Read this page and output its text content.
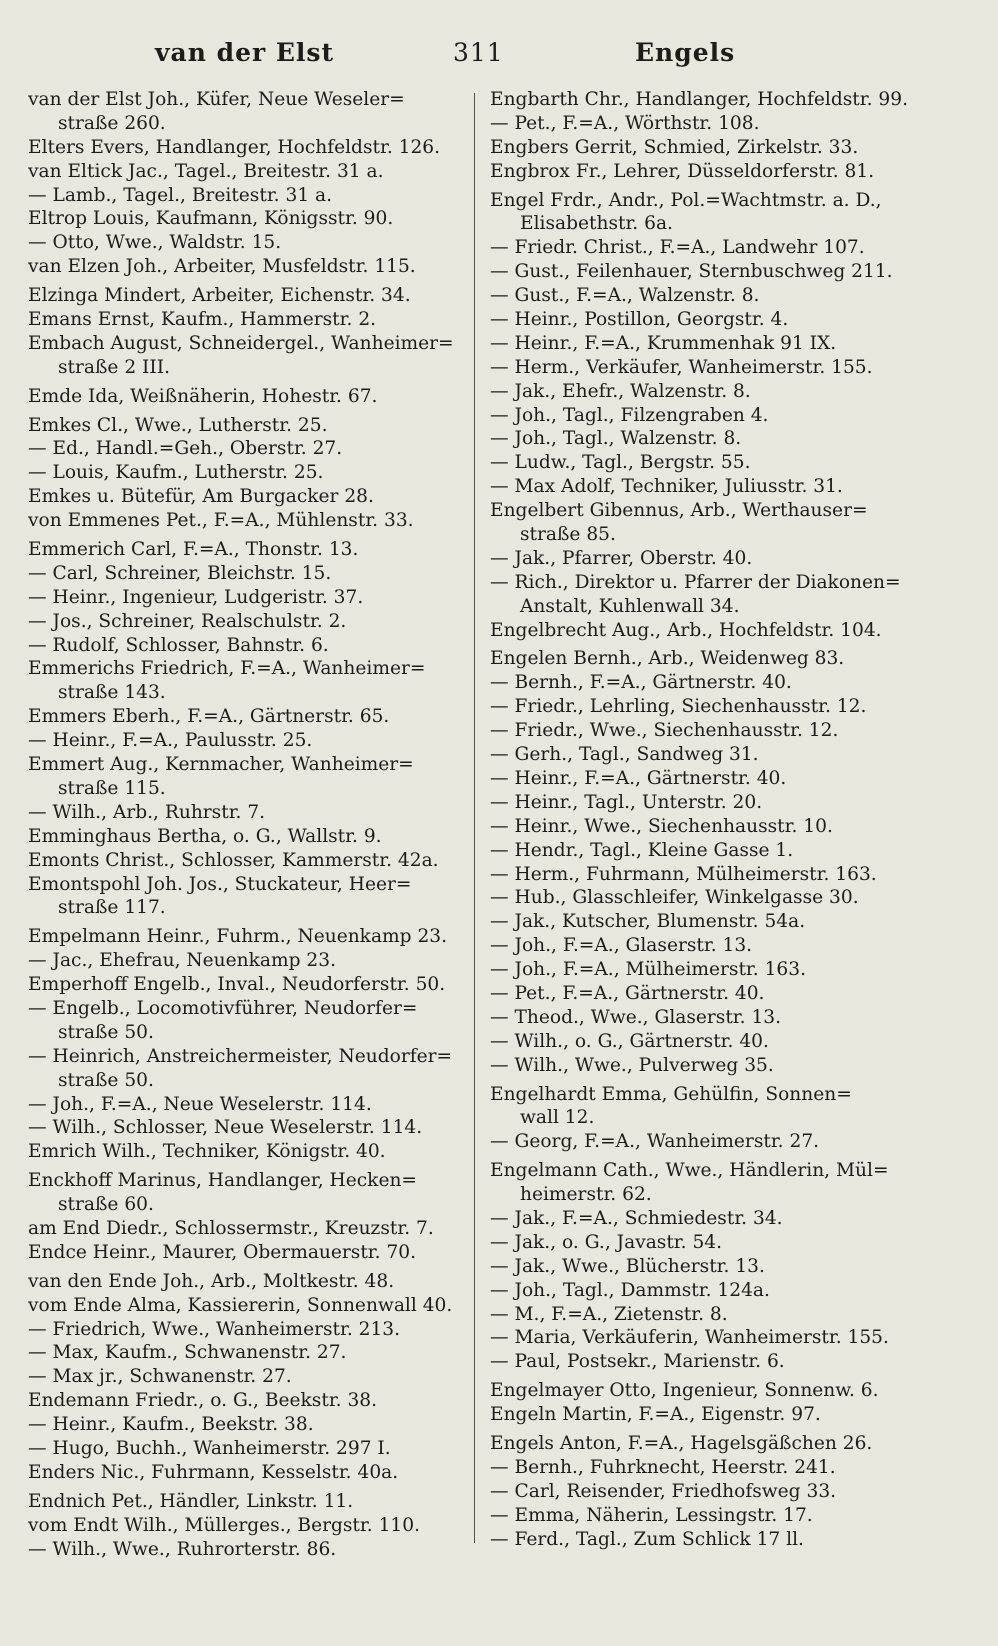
van der Elst	311	Engels
van der Elst Joh., Küfer, Neue Weseler=
straße 260.
Elters Evers, Handlanger, Hochfeldstr. 126.
van Eltick Jac., Tagel., Breitestr. 31 a.
— Lamb., Tagel., Breitestr. 31 a.
Eltrop Louis, Kaufmann, Königsstr. 90.
— Otto, Wwe., Waldstr. 15.
van Elzen Joh., Arbeiter, Musfeldstr. 115.
Elzinga Mindert, Arbeiter, Eichenstr. 34.
Emans Ernst, Kaufm., Hammerstr. 2.
Embach August, Schneidergel., Wanheimer=
straße 2 III.
Emde Ida, Weißnäherin, Hohestr. 67.
Emkes Cl., Wwe., Lutherstr. 25.
— Ed., Handl.=Geh., Oberstr. 27.
— Louis, Kaufm., Lutherstr. 25.
Emkes u. Bütefür, Am Burgacker 28.
von Emmenes Pet., F.=A., Mühlenstr. 33.
Emmerich Carl, F.=A., Thonstr. 13.
— Carl, Schreiner, Bleichstr. 15.
— Heinr., Ingenieur, Ludgeristr. 37.
— Jos., Schreiner, Realschulstr. 2.
— Rudolf, Schlosser, Bahnstr. 6.
Emmerichs Friedrich, F.=A., Wanheimer=
straße 143.
Emmers Eberh., F.=A., Gärtnerstr. 65.
— Heinr., F.=A., Paulusstr. 25.
Emmert Aug., Kernmacher, Wanheimer=
straße 115.
— Wilh., Arb., Ruhrstr. 7.
Emminghaus Bertha, o. G., Wallstr. 9.
Emonts Christ., Schlosser, Kammerstr. 42a.
Emontspohl Joh. Jos., Stuckateur, Heer=
straße 117.
Empelmann Heinr., Fuhrm., Neuenkamp 23.
— Jac., Ehefrau, Neuenkamp 23.
Emperhoff Engelb., Inval., Neudorferstr. 50.
— Engelb., Locomotivführer, Neudorfer=
straße 50.
— Heinrich, Anstreichermeister, Neudorfer=
straße 50.
— Joh., F.=A., Neue Weselerstr. 114.
— Wilh., Schlosser, Neue Weselerstr. 114.
Emrich Wilh., Techniker, Königstr. 40.
Enckhoff Marinus, Handlanger, Hecken=
straße 60.
am End Diedr., Schlossermstr., Kreuzstr. 7.
Endce Heinr., Maurer, Obermauerstr. 70.
van den Ende Joh., Arb., Moltkestr. 48.
vom Ende Alma, Kassiererin, Sonnenwall 40.
— Friedrich, Wwe., Wanheimerstr. 213.
— Max, Kaufm., Schwanenstr. 27.
— Max jr., Schwanenstr. 27.
Endemann Friedr., o. G., Beekstr. 38.
— Heinr., Kaufm., Beekstr. 38.
— Hugo, Buchh., Wanheimerstr. 297 I.
Enders Nic., Fuhrmann, Kesselstr. 40a.
Endnich Pet., Händler, Linkstr. 11.
vom Endt Wilh., Müllerges., Bergstr. 110.
— Wilh., Wwe., Ruhrorterstr. 86.
Engbarth Chr., Handlanger, Hochfeldstr. 99.
— Pet., F.=A., Wörthstr. 108.
Engbers Gerrit, Schmied, Zirkelstr. 33.
Engbrox Fr., Lehrer, Düsseldorferstr. 81.
Engel Frdr., Andr., Pol.=Wachtmstr. a. D.,
Elisabethstr. 6a.
— Friedr. Christ., F.=A., Landwehr 107.
— Gust., Feilenhauer, Sternbuschweg 211.
— Gust., F.=A., Walzenstr. 8.
— Heinr., Postillon, Georgstr. 4.
— Heinr., F.=A., Krummenhak 91 IX.
— Herm., Verkäufer, Wanheimerstr. 155.
— Jak., Ehefr., Walzenstr. 8.
— Joh., Tagl., Filzengraben 4.
— Joh., Tagl., Walzenstr. 8.
— Ludw., Tagl., Bergstr. 55.
— Max Adolf, Techniker, Juliusstr. 31.
Engelbert Gibennus, Arb., Werthauser=
straße 85.
— Jak., Pfarrer, Oberstr. 40.
— Rich., Direktor u. Pfarrer der Diakonen=
Anstalt, Kuhlenwall 34.
Engelbrecht Aug., Arb., Hochfeldstr. 104.
Engelen Bernh., Arb., Weidenweg 83.
— Bernh., F.=A., Gärtnerstr. 40.
— Friedr., Lehrling, Siechenhausstr. 12.
— Friedr., Wwe., Siechenhausstr. 12.
— Gerh., Tagl., Sandweg 31.
— Heinr., F.=A., Gärtnerstr. 40.
— Heinr., Tagl., Unterstr. 20.
— Heinr., Wwe., Siechenhausstr. 10.
— Hendr., Tagl., Kleine Gasse 1.
— Herm., Fuhrmann, Mülheimerstr. 163.
— Hub., Glasschleifer, Winkelgasse 30.
— Jak., Kutscher, Blumenstr. 54a.
— Joh., F.=A., Glaserstr. 13.
— Joh., F.=A., Mülheimerstr. 163.
— Pet., F.=A., Gärtnerstr. 40.
— Theod., Wwe., Glaserstr. 13.
— Wilh., o. G., Gärtnerstr. 40.
— Wilh., Wwe., Pulverweg 35.
Engelhardt Emma, Gehülfin, Sonnen=
wall 12.
— Georg, F.=A., Wanheimerstr. 27.
Engelmann Cath., Wwe., Händlerin, Mül=
heimerstr. 62.
— Jak., F.=A., Schmiedestr. 34.
— Jak., o. G., Javastr. 54.
— Jak., Wwe., Blücherstr. 13.
— Joh., Tagl., Dammstr. 124a.
— M., F.=A., Zietenstr. 8.
— Maria, Verkäuferin, Wanheimerstr. 155.
— Paul, Postsekr., Marienstr. 6.
Engelmayer Otto, Ingenieur, Sonnenw. 6.
Engeln Martin, F.=A., Eigenstr. 97.
Engels Anton, F.=A., Hagelsgäßchen 26.
— Bernh., Fuhrknecht, Heerstr. 241.
— Carl, Reisender, Friedhofsweg 33.
— Emma, Näherin, Lessingstr. 17.
— Ferd., Tagl., Zum Schlick 17 ll.
